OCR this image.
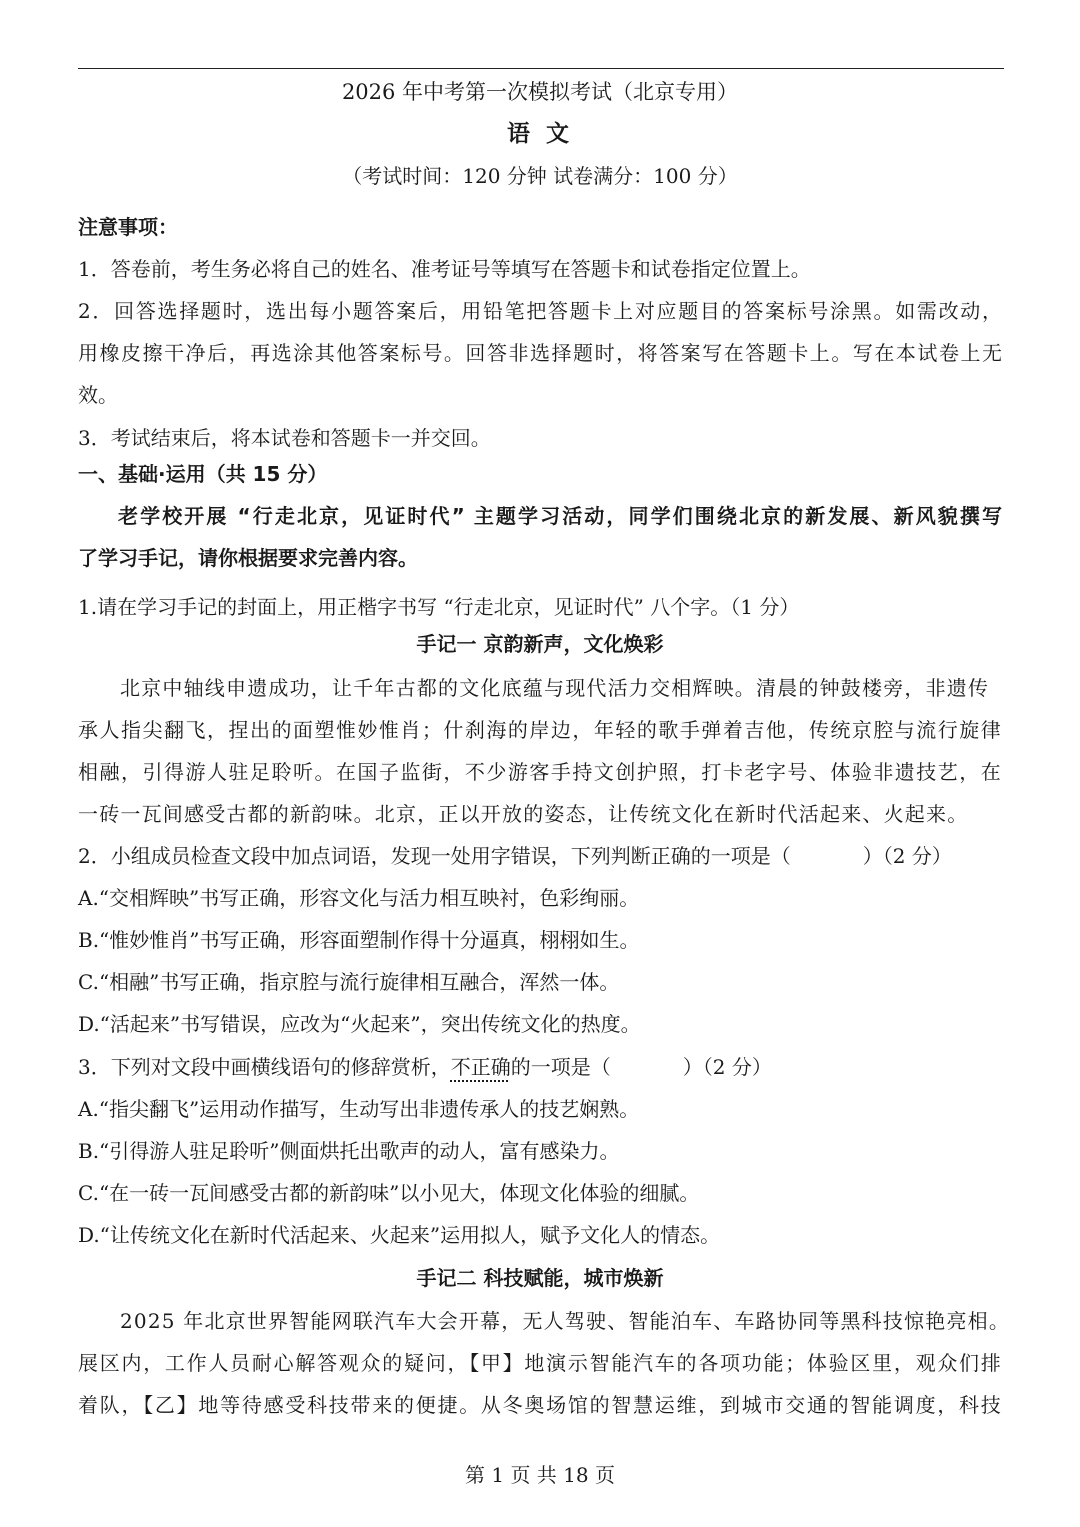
2026 年中考第一次模拟考试（北京专用）
语 文
（考试时间：120 分钟 试卷满分：100 分）
注意事项：
1．答卷前，考生务必将自己的姓名、准考证号等填写在答题卡和试卷指定位置上。
2．回答选择题时，选出每小题答案后，用铅笔把答题卡上对应题目的答案标号涂黑。如需改动，
用橡皮擦干净后，再选涂其他答案标号。回答非选择题时，将答案写在答题卡上。写在本试卷上无
效。
3．考试结束后，将本试卷和答题卡一并交回。
一、基础·运用（共 15 分）
老学校开展 “行走北京，见证时代” 主题学习活动，同学们围绕北京的新发展、新风貌撰写
了学习手记，请你根据要求完善内容。
1.请在学习手记的封面上，用正楷字书写 “行走北京，见证时代” 八个字。（1 分）
手记一 京韵新声，文化焕彩
北京中轴线申遗成功，让千年古都的文化底蕴与现代活力交相辉映。清晨的钟鼓楼旁，非遗传
承人指尖翻飞，捏出的面塑惟妙惟肖；什刹海的岸边，年轻的歌手弹着吉他，传统京腔与流行旋律
相融，引得游人驻足聆听。在国子监街，不少游客手持文创护照，打卡老字号、体验非遗技艺，在
一砖一瓦间感受古都的新韵味。北京，正以开放的姿态，让传统文化在新时代活起来、火起来。
2．小组成员检查文段中加点词语，发现一处用字错误，下列判断正确的一项是（	）（2 分）
A.“交相辉映”书写正确，形容文化与活力相互映衬，色彩绚丽。
B.“惟妙惟肖”书写正确，形容面塑制作得十分逼真，栩栩如生。
C.“相融”书写正确，指京腔与流行旋律相互融合，浑然一体。
D.“活起来”书写错误，应改为“火起来”，突出传统文化的热度。
3．下列对文段中画横线语句的修辞赏析，不正确的一项是（	）（2 分）
A.“指尖翻飞”运用动作描写，生动写出非遗传承人的技艺娴熟。
B.“引得游人驻足聆听”侧面烘托出歌声的动人，富有感染力。
C.“在一砖一瓦间感受古都的新韵味”以小见大，体现文化体验的细腻。
D.“让传统文化在新时代活起来、火起来”运用拟人，赋予文化人的情态。
手记二 科技赋能，城市焕新
2025 年北京世界智能网联汽车大会开幕，无人驾驶、智能泊车、车路协同等黑科技惊艳亮相。
展区内，工作人员耐心解答观众的疑问，【甲】地演示智能汽车的各项功能；体验区里，观众们排
着队，【乙】地等待感受科技带来的便捷。从冬奥场馆的智慧运维，到城市交通的智能调度，科技
第 1 页 共 18 页
